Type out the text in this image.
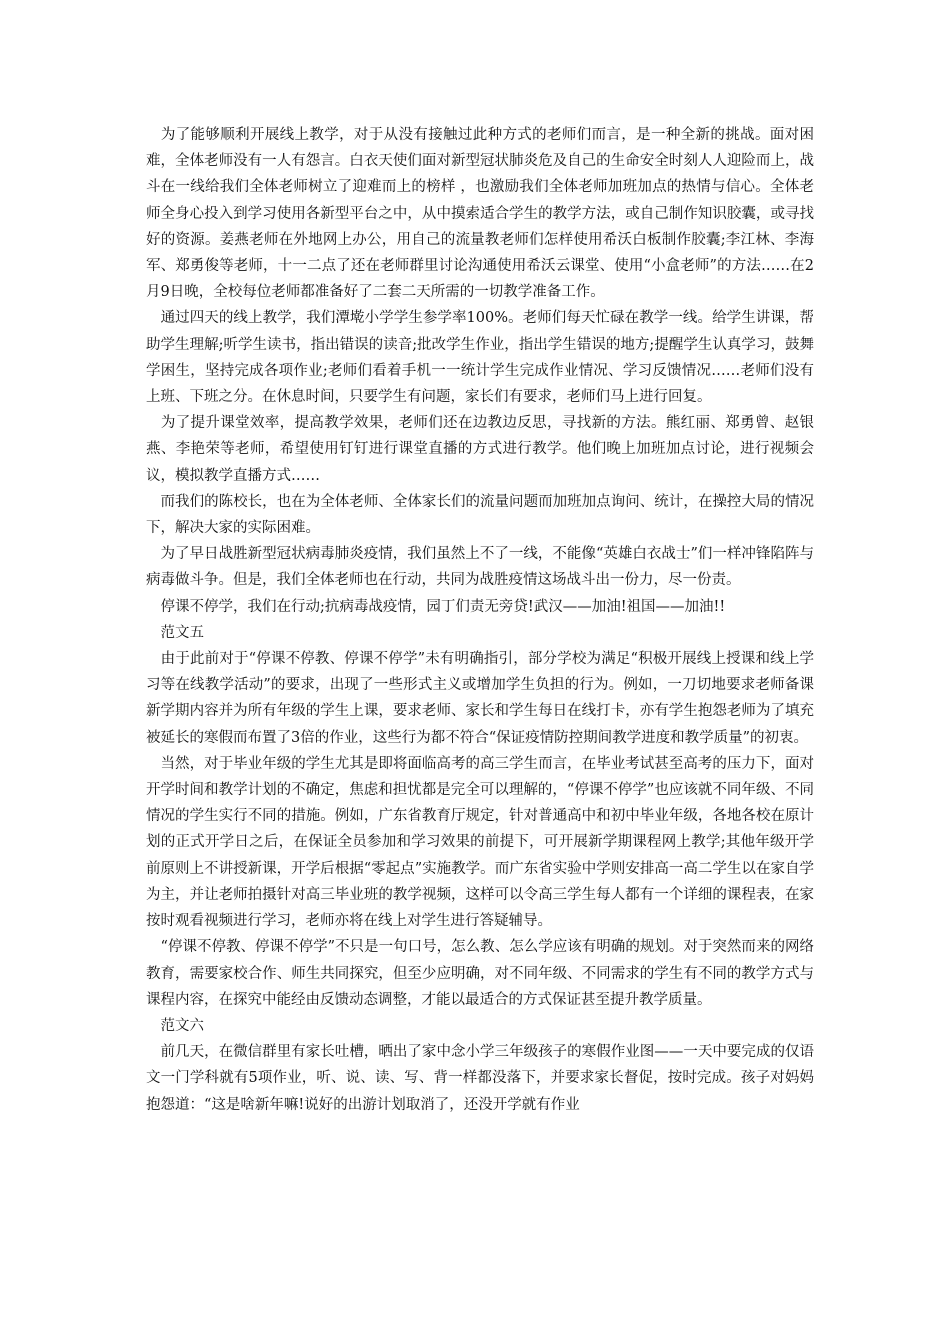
　为了能够顺利开展线上教学，对于从没有接触过此种方式的老师们而言，是一种全新的挑战。面对困难，全体老师没有一人有怨言。白衣天使们面对新型冠状肺炎危及自己的生命安全时刻人人迎险而上，战斗在一线给我们全体老师树立了迎难而上的榜样 ，也激励我们全体老师加班加点的热情与信心。全体老师全身心投入到学习使用各新型平台之中，从中摸索适合学生的教学方法，或自己制作知识胶囊，或寻找好的资源。姜燕老师在外地网上办公，用自己的流量教老师们怎样使用希沃白板制作胶囊;李江林、李海军、郑勇俊等老师，十一二点了还在老师群里讨论沟通使用希沃云课堂、使用“小盒老师”的方法……在2月9日晚，全校每位老师都准备好了二套二天所需的一切教学准备工作。

　通过四天的线上教学，我们潭墘小学学生参学率100%。老师们每天忙碌在教学一线。给学生讲课，帮助学生理解;听学生读书，指出错误的读音;批改学生作业，指出学生错误的地方;提醒学生认真学习，鼓舞学困生，坚持完成各项作业;老师们看着手机一一统计学生完成作业情况、学习反馈情况……老师们没有上班、下班之分。在休息时间，只要学生有问题，家长们有要求，老师们马上进行回复。

　为了提升课堂效率，提高教学效果，老师们还在边教边反思，寻找新的方法。熊红丽、郑勇曾、赵银燕、李艳荣等老师，希望使用钉钉进行课堂直播的方式进行教学。他们晚上加班加点讨论，进行视频会议，模拟教学直播方式……

　而我们的陈校长，也在为全体老师、全体家长们的流量问题而加班加点询问、统计，在操控大局的情况下，解决大家的实际困难。

　为了早日战胜新型冠状病毒肺炎疫情，我们虽然上不了一线，不能像“英雄白衣战士”们一样冲锋陷阵与病毒做斗争。但是，我们全体老师也在行动，共同为战胜疫情这场战斗出一份力，尽一份责。

　停课不停学，我们在行动;抗病毒战疫情，园丁们责无旁贷!武汉——加油!祖国——加油!!

　范文五

　由于此前对于“停课不停教、停课不停学”未有明确指引，部分学校为满足“积极开展线上授课和线上学习等在线教学活动”的要求，出现了一些形式主义或增加学生负担的行为。例如，一刀切地要求老师备课新学期内容并为所有年级的学生上课，要求老师、家长和学生每日在线打卡，亦有学生抱怨老师为了填充被延长的寒假而布置了3倍的作业，这些行为都不符合“保证疫情防控期间教学进度和教学质量”的初衷。

　当然，对于毕业年级的学生尤其是即将面临高考的高三学生而言，在毕业考试甚至高考的压力下，面对开学时间和教学计划的不确定，焦虑和担忧都是完全可以理解的，“停课不停学”也应该就不同年级、不同情况的学生实行不同的措施。例如，广东省教育厅规定，针对普通高中和初中毕业年级，各地各校在原计划的正式开学日之后，在保证全员参加和学习效果的前提下，可开展新学期课程网上教学;其他年级开学前原则上不讲授新课，开学后根据“零起点”实施教学。而广东省实验中学则安排高一高二学生以在家自学为主，并让老师拍摄针对高三毕业班的教学视频，这样可以令高三学生每人都有一个详细的课程表，在家按时观看视频进行学习，老师亦将在线上对学生进行答疑辅导。

　“停课不停教、停课不停学”不只是一句口号，怎么教、怎么学应该有明确的规划。对于突然而来的网络教育，需要家校合作、师生共同探究，但至少应明确，对不同年级、不同需求的学生有不同的教学方式与课程内容，在探究中能经由反馈动态调整，才能以最适合的方式保证甚至提升教学质量。

　范文六

　前几天，在微信群里有家长吐槽，晒出了家中念小学三年级孩子的寒假作业图——一天中要完成的仅语文一门学科就有5项作业，听、说、读、写、背一样都没落下，并要求家长督促，按时完成。孩子对妈妈抱怨道：“这是啥新年嘛!说好的出游计划取消了，还没开学就有作业
